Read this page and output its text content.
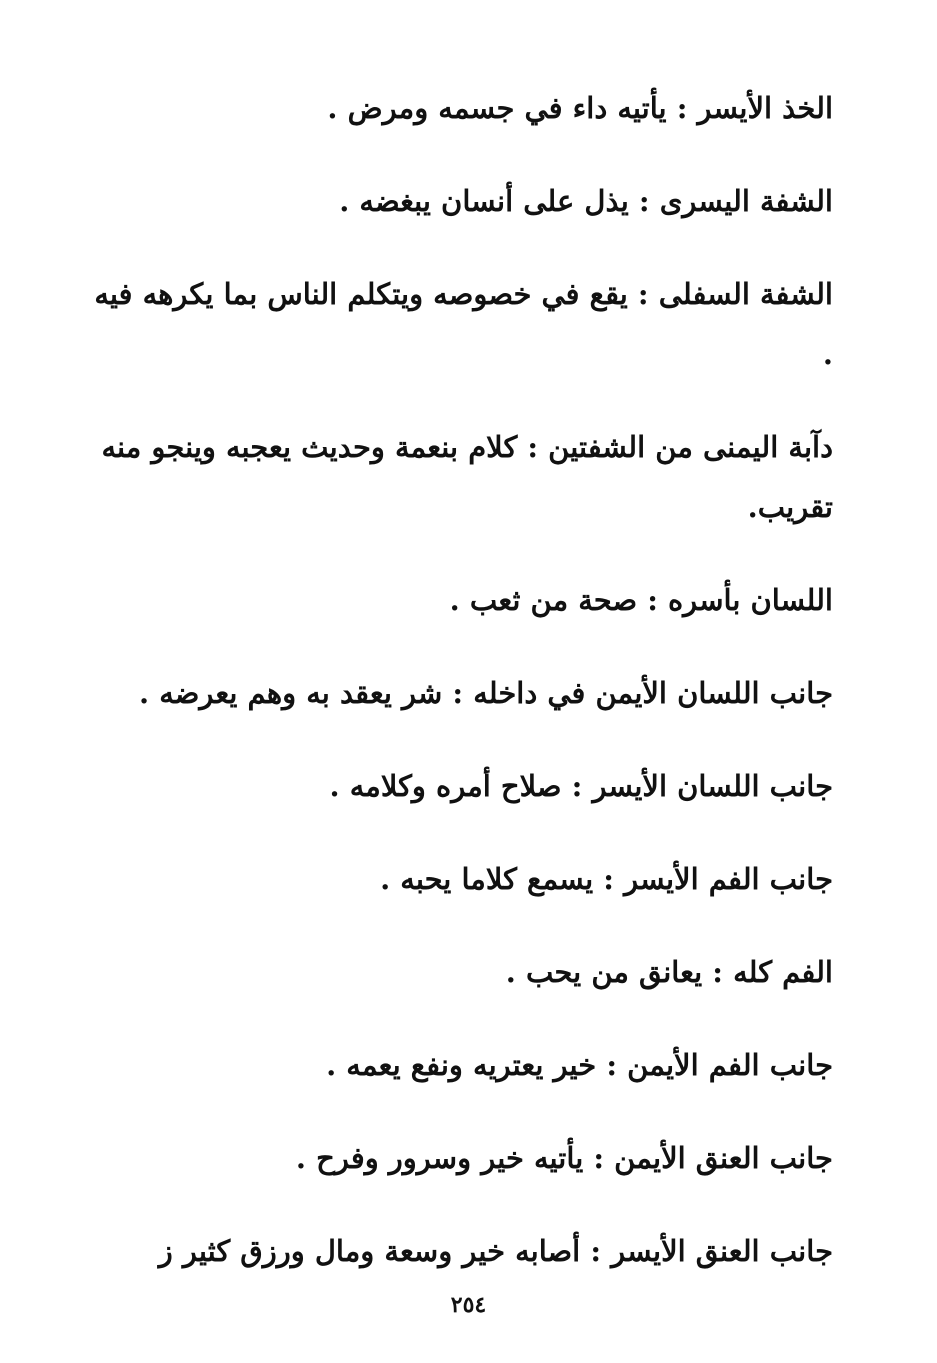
الخذ الأيسر : يأتيه داء في جسمه ومرض .

الشفة اليسرى : يذل على أنسان يبغضه .

الشفة السفلى : يقع في خصوصه ويتكلم الناس بما يكرهه فيه .

دآبة اليمنى من الشفتين : كلام بنعمة وحديث يعجبه وينجو منه تقريب.

اللسان بأسره : صحة من ثعب .

جانب اللسان الأيمن في داخله : شر يعقد به وهم يعرضه .

جانب اللسان الأيسر : صلاح أمره وكلامه .

جانب الفم الأيسر : يسمع كلاما يحبه .

الفم كله : يعانق من يحب .

جانب الفم الأيمن : خير يعتريه ونفع يعمه .

جانب العنق الأيمن : يأتيه خير وسرور وفرح .

جانب العنق الأيسر : أصابه خير وسعة ومال ورزق كثير ز

٢٥٤
